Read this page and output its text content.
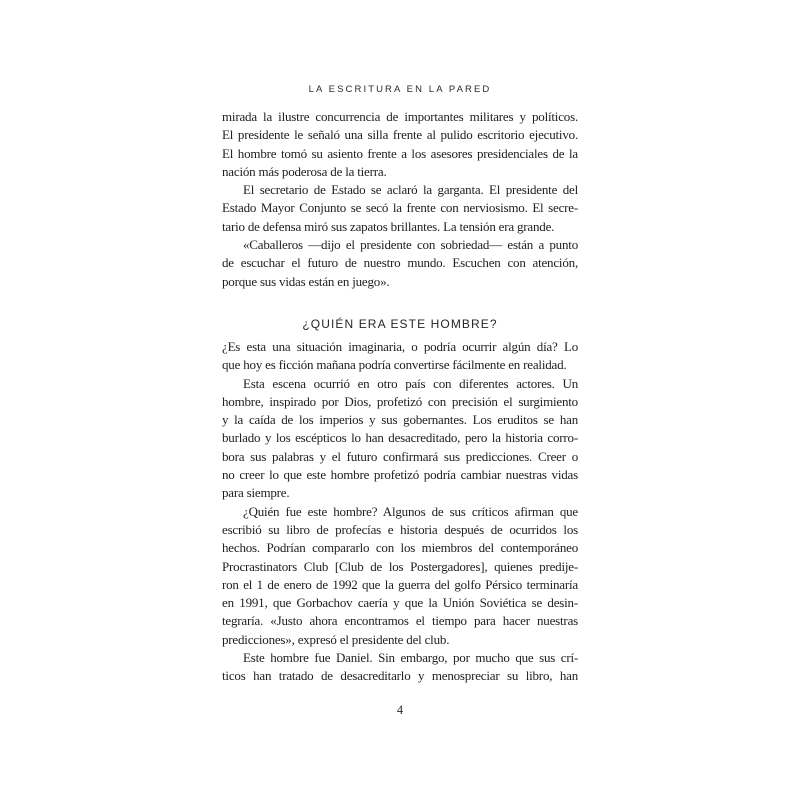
LA ESCRITURA EN LA PARED
mirada la ilustre concurrencia de importantes militares y políticos.
El presidente le señaló una silla frente al pulido escritorio ejecutivo.
El hombre tomó su asiento frente a los asesores presidenciales de la
nación más poderosa de la tierra.
El secretario de Estado se aclaró la garganta. El presidente del
Estado Mayor Conjunto se secó la frente con nerviosismo. El secre-
tario de defensa miró sus zapatos brillantes. La tensión era grande.
«Caballeros —dijo el presidente con sobriedad— están a punto
de escuchar el futuro de nuestro mundo. Escuchen con atención,
porque sus vidas están en juego».
¿QUIÉN ERA ESTE HOMBRE?
¿Es esta una situación imaginaria, o podría ocurrir algún día? Lo
que hoy es ficción mañana podría convertirse fácilmente en realidad.
Esta escena ocurrió en otro país con diferentes actores. Un
hombre, inspirado por Dios, profetizó con precisión el surgimiento
y la caída de los imperios y sus gobernantes. Los eruditos se han
burlado y los escépticos lo han desacreditado, pero la historia corro-
bora sus palabras y el futuro confirmará sus predicciones. Creer o
no creer lo que este hombre profetizó podría cambiar nuestras vidas
para siempre.
¿Quién fue este hombre? Algunos de sus críticos afirman que
escribió su libro de profecías e historia después de ocurridos los
hechos. Podrían compararlo con los miembros del contemporáneo
Procrastinators Club [Club de los Postergadores], quienes predije-
ron el 1 de enero de 1992 que la guerra del golfo Pérsico terminaría
en 1991, que Gorbachov caería y que la Unión Soviética se desin-
tegraría. «Justo ahora encontramos el tiempo para hacer nuestras
predicciones», expresó el presidente del club.
Este hombre fue Daniel. Sin embargo, por mucho que sus crí-
ticos han tratado de desacreditarlo y menospreciar su libro, han
4
